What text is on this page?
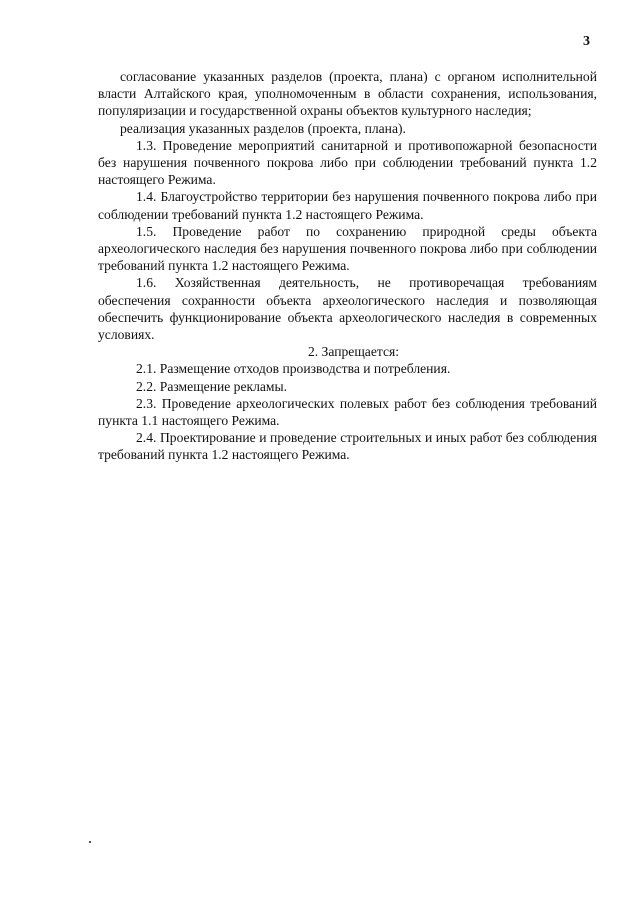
3

согласование указанных разделов (проекта, плана) с органом исполнительной власти Алтайского края, уполномоченным в области сохранения, использования, популяризации и государственной охраны объектов культурного наследия;

реализация указанных разделов (проекта, плана).

1.3. Проведение мероприятий санитарной и противопожарной безопасности без нарушения почвенного покрова либо при соблюдении требований пункта 1.2 настоящего Режима.

1.4. Благоустройство территории без нарушения почвенного покрова либо при соблюдении требований пункта 1.2 настоящего Режима.

1.5. Проведение работ по сохранению природной среды объекта археологического наследия без нарушения почвенного покрова либо при соблюдении требований пункта 1.2 настоящего Режима.

1.6. Хозяйственная деятельность, не противоречащая требованиям обеспечения сохранности объекта археологического наследия и позволяющая обеспечить функционирование объекта археологического наследия в современных условиях.

2. Запрещается:

2.1. Размещение отходов производства и потребления.

2.2. Размещение рекламы.

2.3. Проведение археологических полевых работ без соблюдения требований пункта 1.1 настоящего Режима.

2.4. Проектирование и проведение строительных и иных работ без соблюдения требований пункта 1.2 настоящего Режима.
